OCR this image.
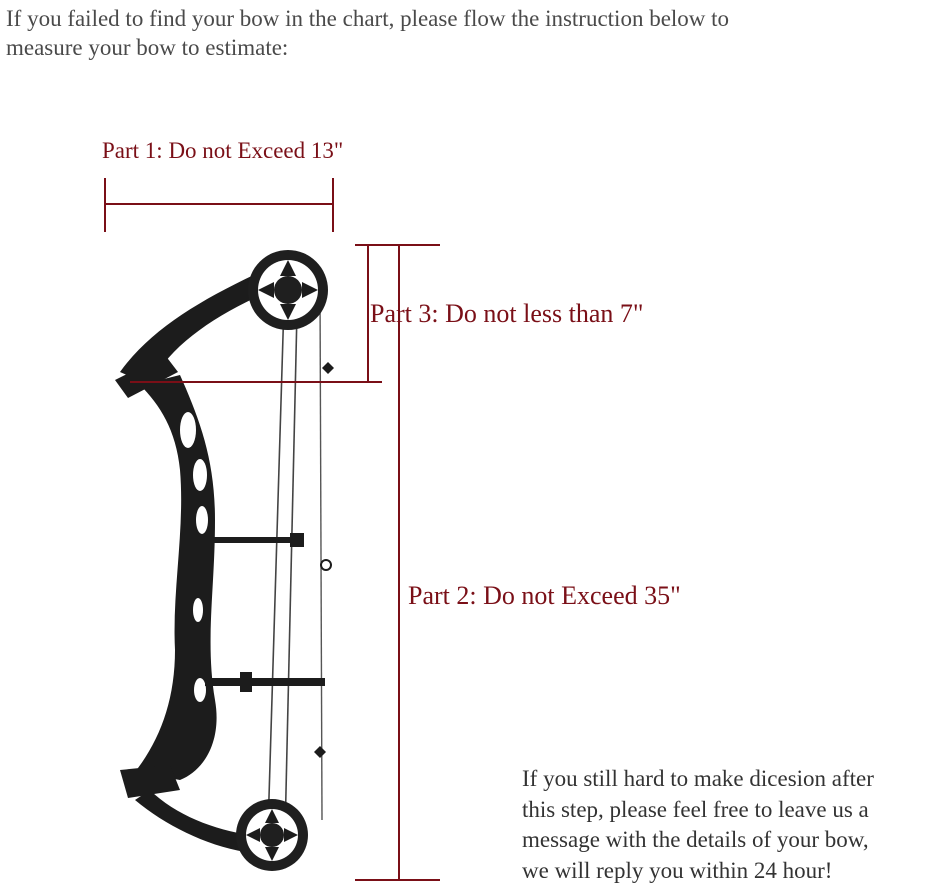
If you failed to find your bow in the chart, please flow the instruction below to
measure your bow to estimate:
Part 1: Do not Exceed 13"
Part 3: Do not less than 7"
Part 2: Do not Exceed 35"
If you still hard to make dicesion after
this step, please feel free to leave us a
message with the details of your bow,
we will reply you within 24 hour!
